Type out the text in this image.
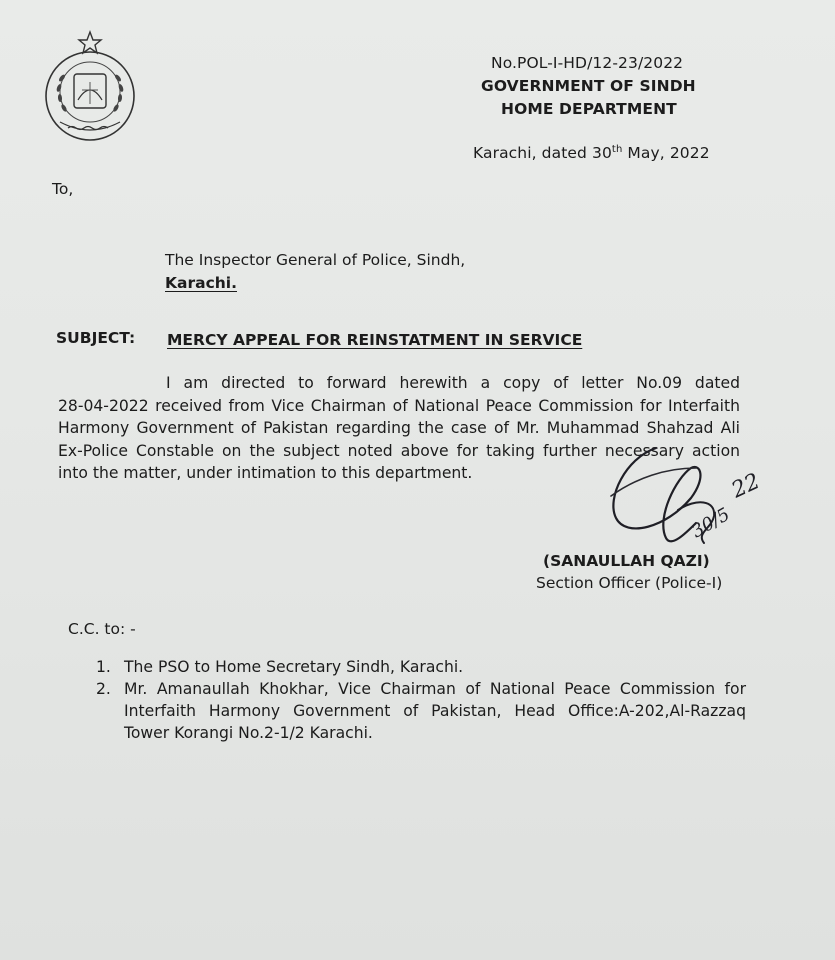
No.POL-I-HD/12-23/2022
GOVERNMENT OF SINDH
HOME DEPARTMENT
Karachi, dated 30th May, 2022
To,
The Inspector General of Police, Sindh,
Karachi.
SUBJECT: MERCY APPEAL FOR REINSTATMENT IN SERVICE
I am directed to forward herewith a copy of letter No.09 dated
28-04-2022 received from Vice Chairman of National Peace Commission for Interfaith
Harmony Government of Pakistan regarding the case of Mr. Muhammad Shahzad Ali
Ex-Police Constable on the subject noted above for taking further necessary action
into the matter, under intimation to this department.	22
30/5
(SANAULLAH QAZI)
Section Officer (Police-I)
C.C. to: -
1. The PSO to Home Secretary Sindh, Karachi.
2. Mr. Amanaullah Khokhar, Vice Chairman of National Peace Commission for
Interfaith Harmony Government of Pakistan, Head Office:A-202,Al-Razzaq
Tower Korangi No.2-1/2 Karachi.
